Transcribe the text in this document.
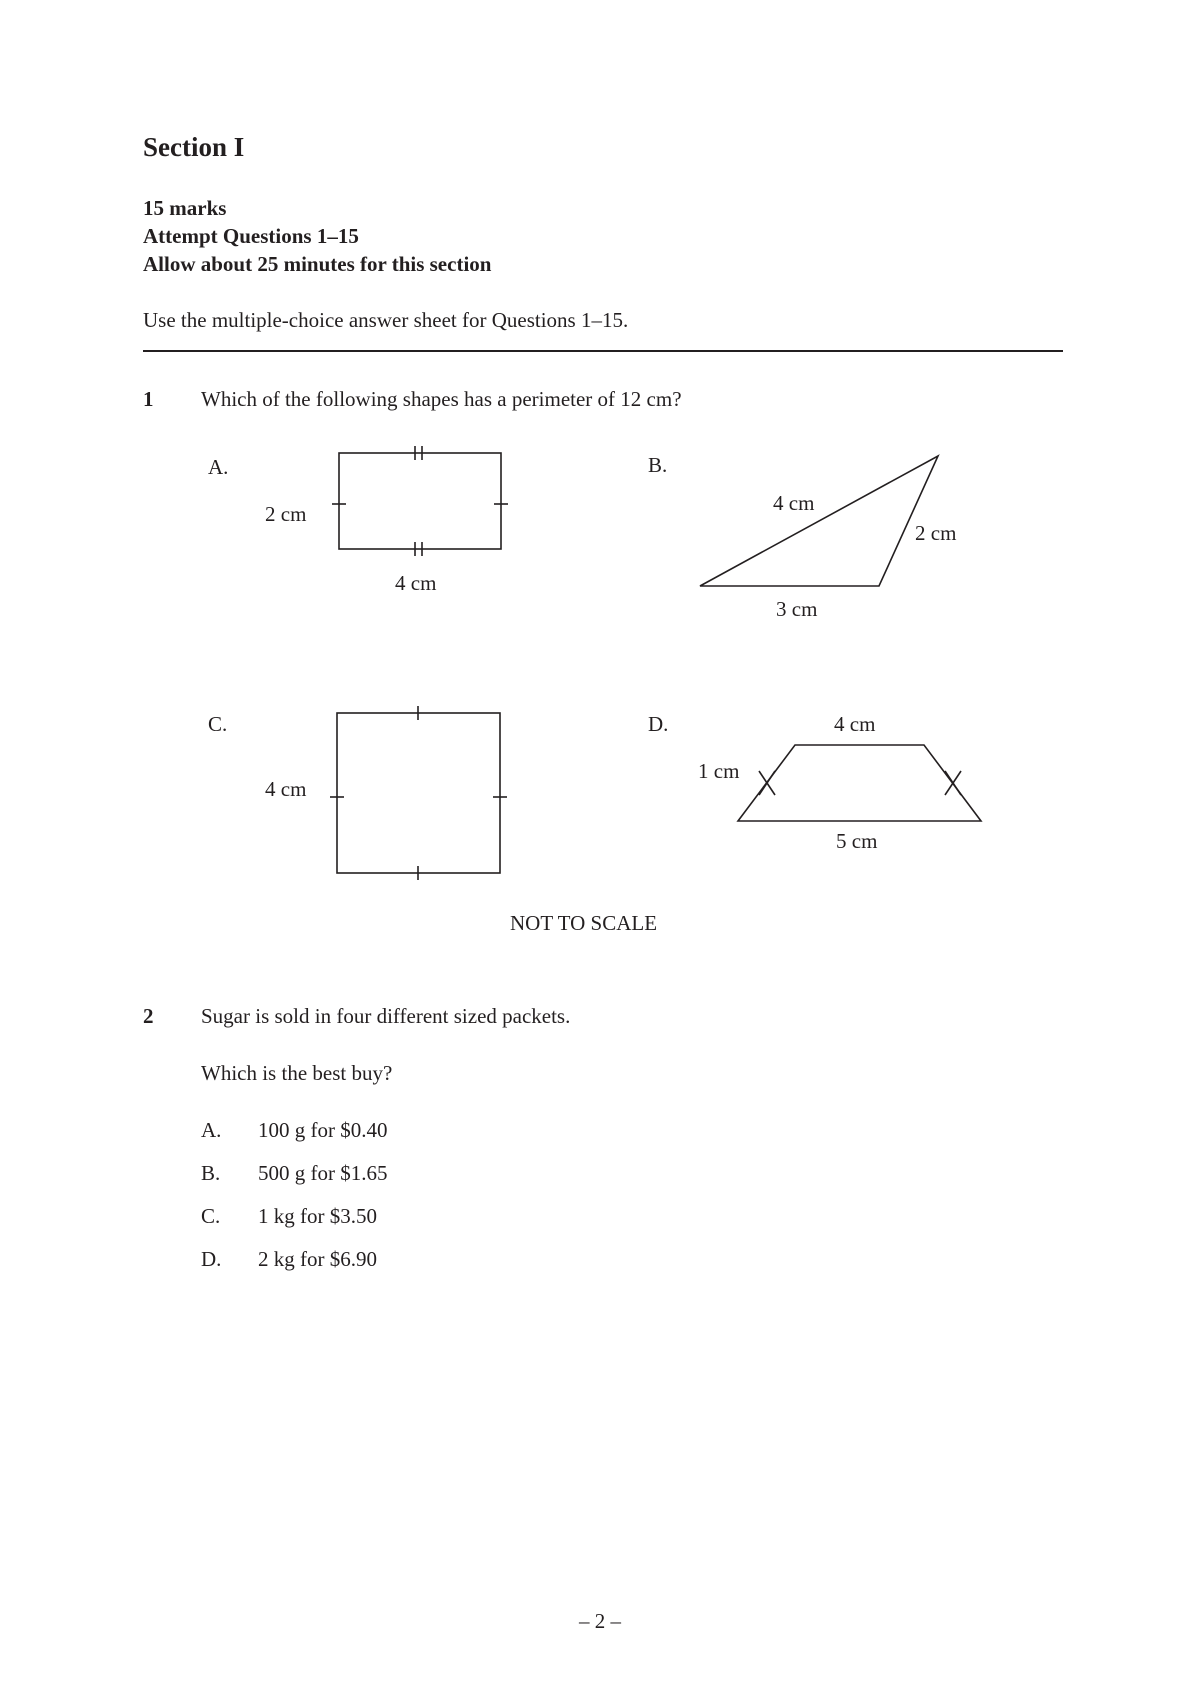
Section I
15 marks
Attempt Questions 1–15
Allow about 25 minutes for this section
Use the multiple-choice answer sheet for Questions 1–15.
1 Which of the following shapes has a perimeter of 12 cm?
A.
2 cm
4 cm
B.
4 cm
2 cm
3 cm
C.
4 cm
D.	4 cm
1 cm
5 cm
NOT TO SCALE
2 Sugar is sold in four different sized packets.
Which is the best buy?
A. 100 g for $0.40
B. 500 g for $1.65
C. 1 kg for $3.50
D. 2 kg for $6.90
– 2 –
